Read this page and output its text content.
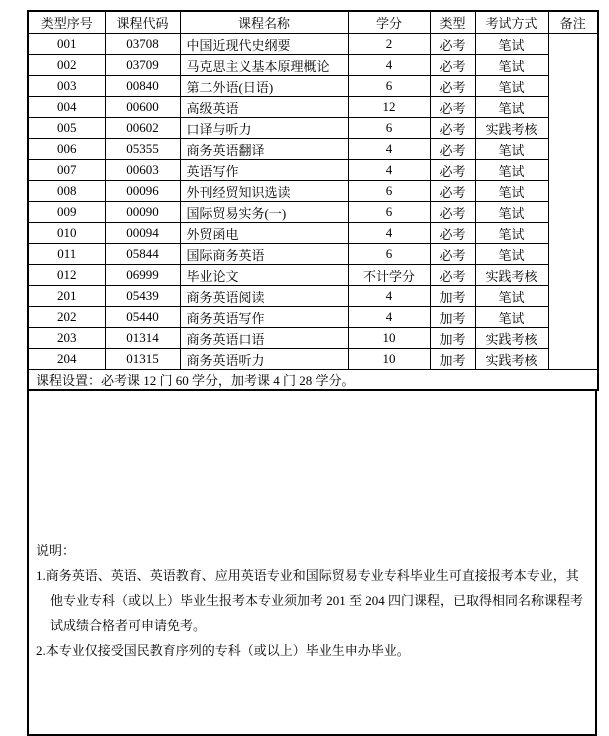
类型序号	课程代码	课程名称	学分	类型	考试方式	备注
001	03708	中国近现代史纲要	2	必考	笔试	
002	03709	马克思主义基本原理概论	4	必考	笔试	
003	00840	第二外语(日语)	6	必考	笔试	
004	00600	高级英语	12	必考	笔试	
005	00602	口译与听力	6	必考	实践考核	
006	05355	商务英语翻译	4	必考	笔试	
007	00603	英语写作	4	必考	笔试	
008	00096	外刊经贸知识选读	6	必考	笔试	
009	00090	国际贸易实务(一)	6	必考	笔试	
010	00094	外贸函电	4	必考	笔试	
011	05844	国际商务英语	6	必考	笔试	
012	06999	毕业论文	不计学分	必考	实践考核	
201	05439	商务英语阅读	4	加考	笔试	
202	05440	商务英语写作	4	加考	笔试	
203	01314	商务英语口语	10	加考	实践考核	
204	01315	商务英语听力	10	加考	实践考核	
课程设置：必考课 12 门 60 学分，加考课 4 门 28 学分。						
说明：
1.商务英语、英语、英语教育、应用英语专业和国际贸易专业专科毕业生可直接报考本专业，其他专业专科（或以上）毕业生报考本专业须加考 201 至 204 四门课程，已取得相同名称课程考试成绩合格者可申请免考。
2.本专业仅接受国民教育序列的专科（或以上）毕业生申办毕业。
